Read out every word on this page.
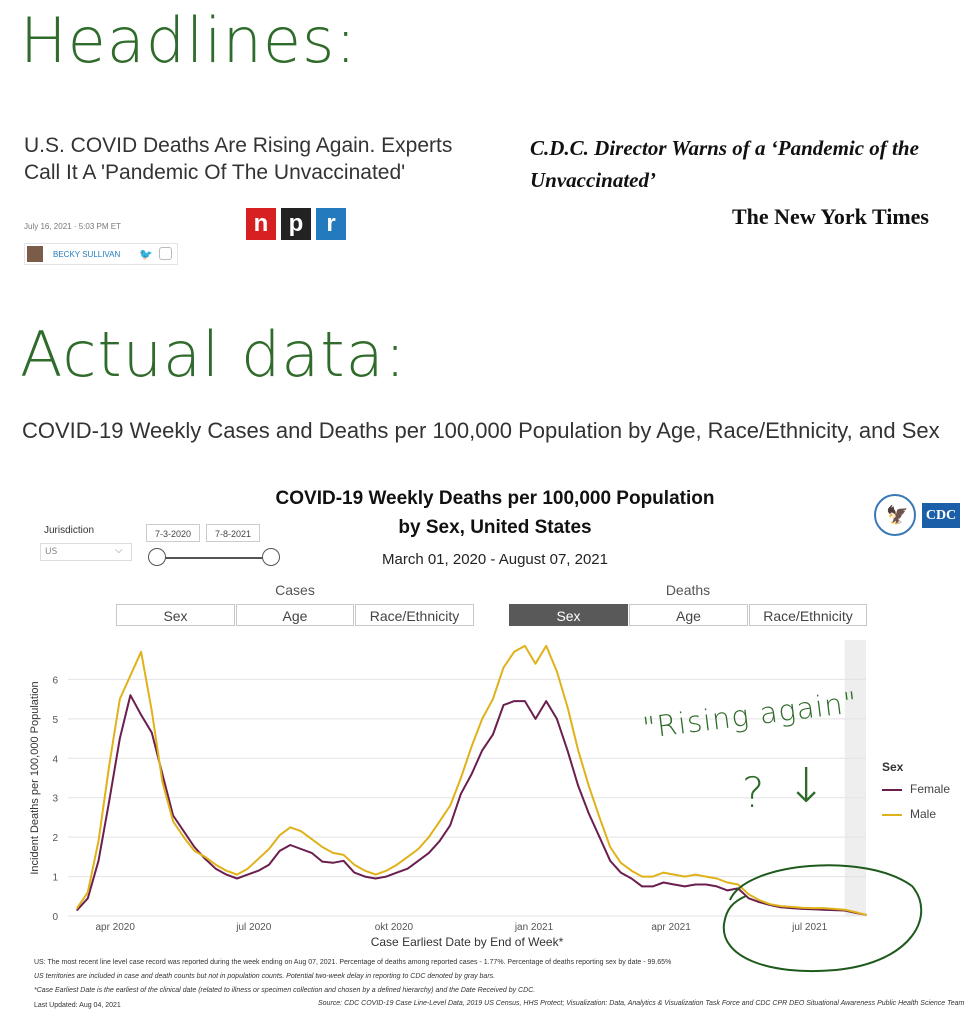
Headlines:
Actual data:
U.S. COVID Deaths Are Rising Again. Experts Call It A 'Pandemic Of The Unvaccinated'
July 16, 2021 · 5:03 PM ET
BECKY SULLIVAN 🐦
n p r
C.D.C. Director Warns of a ‘Pandemic of the Unvaccinated’
The New York Times
COVID-19 Weekly Cases and Deaths per 100,000 Population by Age, Race/Ethnicity, and Sex
COVID-19 Weekly Deaths per 100,000 Population
by Sex, United States
March 01, 2020 - August 07, 2021
🦅 CDC
Jurisdiction
US	⌵
7-3-2020	7-8-2021
Cases	Deaths
Sex	Age	Race/Ethnicity	Sex	Age	Race/Ethnicity
0
1
2
3
4
5
6
apr 2020	jul 2020	okt 2020	jan 2021	apr 2021	jul 2021
Case Earliest Date by End of Week*
Incident Deaths per 100,000 Population	Sex
Female
Male
"Rising again"
? ↓
US: The most recent line level case record was reported during the week ending on Aug 07, 2021. Percentage of deaths among reported cases - 1.77%. Percentage of deaths reporting sex by date - 99.65%
US territories are included in case and death counts but not in population counts. Potential two-week delay in reporting to CDC denoted by gray bars.
*Case Earliest Date is the earliest of the clinical date (related to illness or specimen collection and chosen by a defined hierarchy) and the Date Received by CDC.
Last Updated: Aug 04, 2021	Source: CDC COVID-19 Case Line-Level Data, 2019 US Census, HHS Protect; Visualization: Data, Analytics & Visualization Task Force and CDC CPR DEO Situational Awareness Public Health Science Team
